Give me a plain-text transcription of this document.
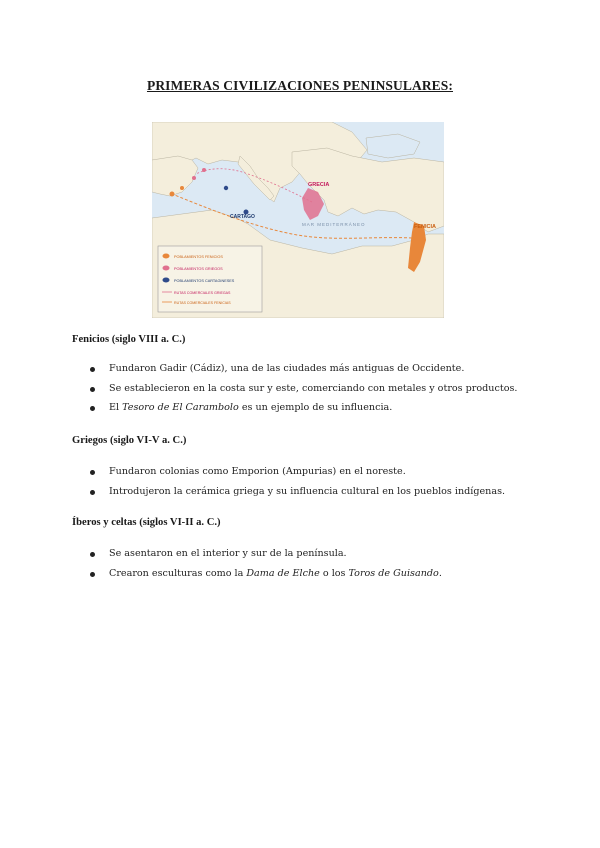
PRIMERAS CIVILIZACIONES PENINSULARES:
GRECIA
FENICIA
CARTAGO
MAR MEDITERRÁNEO
POBLAMIENTOS FENICIOS
POBLAMIENTOS GRIEGOS
POBLAMIENTOS CARTAGINESES
RUTAS COMERCIALES GRIEGAS
RUTAS COMERCIALES FENICIAS
Fenicios (siglo VIII a. C.)
Fundaron Gadir (Cádiz), una de las ciudades más antiguas de Occidente.
Se establecieron en la costa sur y este, comerciando con metales y otros productos.
El Tesoro de El Carambolo es un ejemplo de su influencia.
Griegos (siglo VI-V a. C.)
Fundaron colonias como Emporion (Ampurias) en el noreste.
Introdujeron la cerámica griega y su influencia cultural en los pueblos indígenas.
Íberos y celtas (siglos VI-II a. C.)
Se asentaron en el interior y sur de la península.
Crearon esculturas como la Dama de Elche o los Toros de Guisando.
